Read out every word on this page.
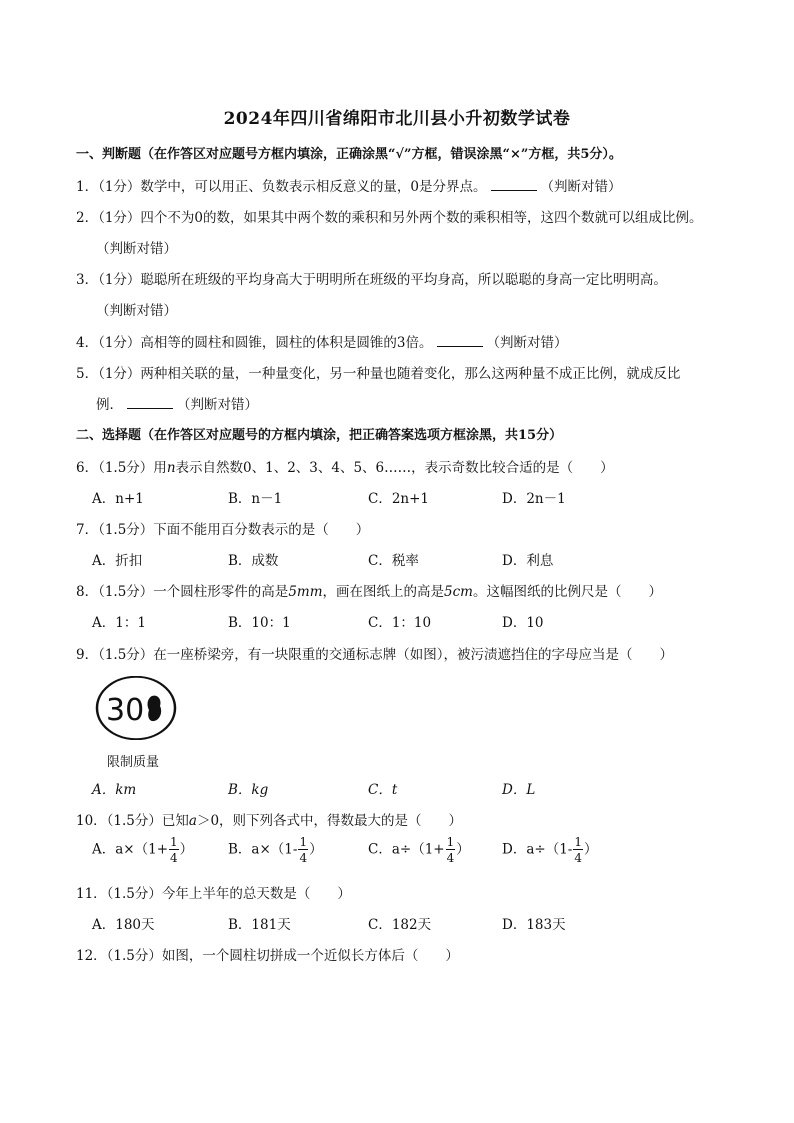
2024年四川省绵阳市北川县小升初数学试卷
一、判断题（在作答区对应题号方框内填涂，正确涂黑“√”方框，错误涂黑“×”方框，共5分）。
1．（1分）数学中，可以用正、负数表示相反意义的量，0是分界点。	（判断对错）
2．（1分）四个不为0的数，如果其中两个数的乘积和另外两个数的乘积相等，这四个数就可以组成比例。
（判断对错）
3．（1分）聪聪所在班级的平均身高大于明明所在班级的平均身高，所以聪聪的身高一定比明明高。
（判断对错）
4．（1分）高相等的圆柱和圆锥，圆柱的体积是圆锥的3倍。	（判断对错）
5．（1分）两种相关联的量，一种量变化，另一种量也随着变化，那么这两种量不成正比例，就成反比
例．	（判断对错）
二、选择题（在作答区对应题号的方框内填涂，把正确答案选项方框涂黑，共15分）
6．（1.5分）用n表示自然数0、1、2、3、4、5、6……，表示奇数比较合适的是（　　）
A．n+1	B．n－1	C．2n+1	D．2n－1
7．（1.5分）下面不能用百分数表示的是（　　）
A．折扣	B．成数	C．税率	D．利息
8．（1.5分）一个圆柱形零件的高是5mm，画在图纸上的高是5cm。这幅图纸的比例尺是（　　）
A．1：1	B．10：1	C．1：10	D．10
9．（1.5分）在一座桥梁旁，有一块限重的交通标志牌（如图），被污渍遮挡住的字母应当是（　　）
30
限制质量
A．km	B．kg	C．t	D．L
10．（1.5分）已知a＞0，则下列各式中，得数最大的是（　　）
A．$a\times(1+ \frac{1}{4}$ ）	B．$a\times(1- \frac{1}{4}$ ）	C．$a\div(1+ \frac{1}{4}$ ） D．$a\div(1- \frac{1}{4}$ ）
11．（1.5分）今年上半年的总天数是（　　）
A．180天	B．181天	C．182天	D．183天
12．（1.5分）如图，一个圆柱切拼成一个近似长方体后（　　）
